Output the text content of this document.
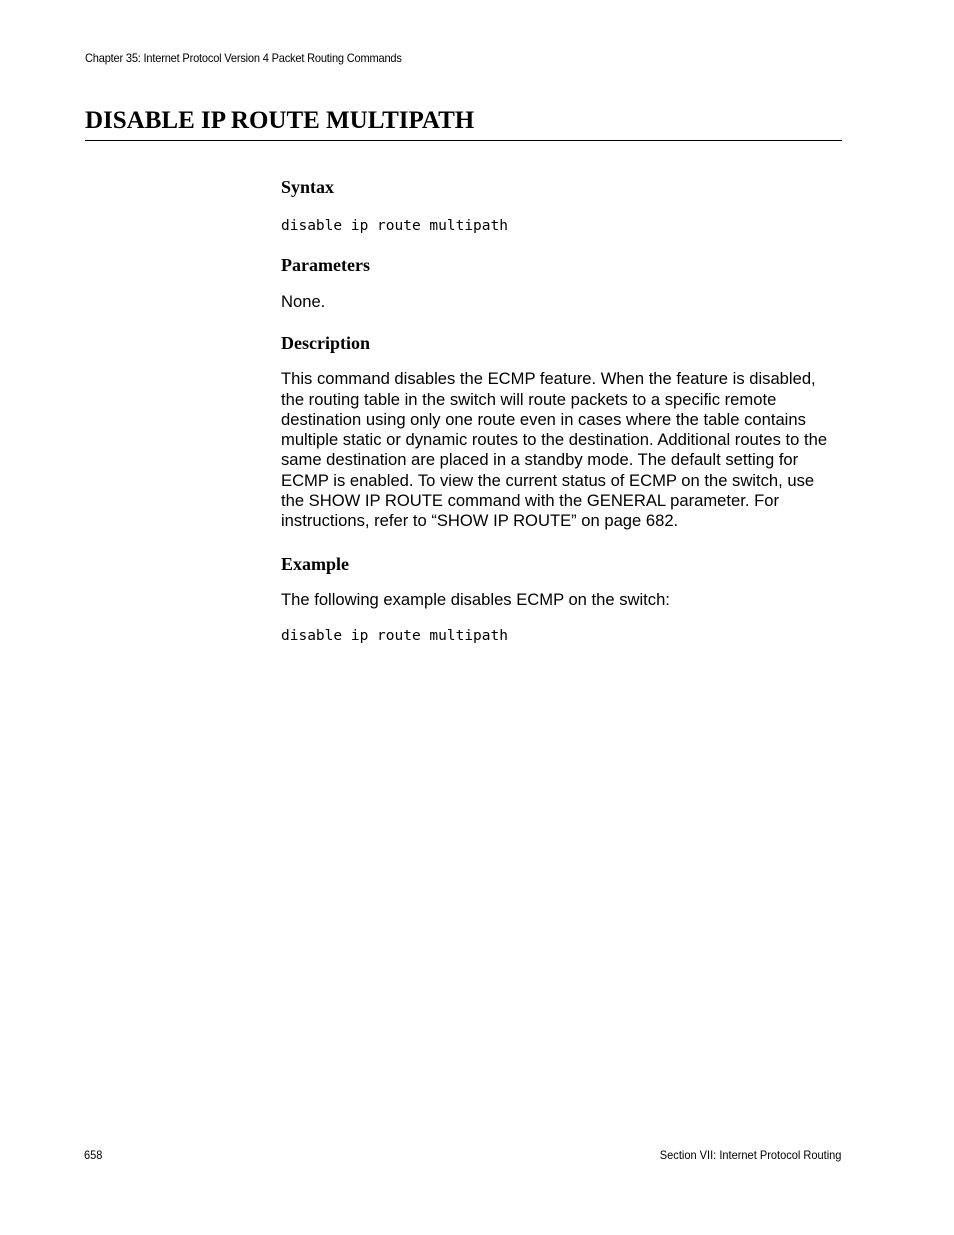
Chapter 35: Internet Protocol Version 4 Packet Routing Commands
DISABLE IP ROUTE MULTIPATH
Syntax

disable ip route multipath

Parameters

None.

Description
This command disables the ECMP feature. When the feature is disabled,
the routing table in the switch will route packets to a specific remote
destination using only one route even in cases where the table contains
multiple static or dynamic routes to the destination. Additional routes to the
same destination are placed in a standby mode. The default setting for
ECMP is enabled. To view the current status of ECMP on the switch, use
the SHOW IP ROUTE command with the GENERAL parameter. For
instructions, refer to “SHOW IP ROUTE” on page 682.
Example

The following example disables ECMP on the switch:

disable ip route multipath

658	Section VII: Internet Protocol Routing
